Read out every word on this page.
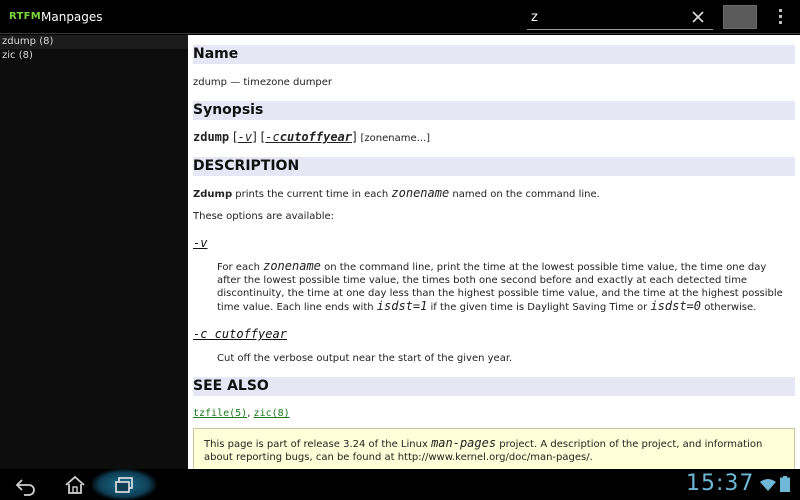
RTFM Manpages
z
zdump (8)
zic (8)	Name
zdump — timezone dumper
Synopsis
zdump [-v] [-ccutoffyear] [zonename...]
DESCRIPTION
Zdump prints the current time in each zonename named on the command line.
These options are available:
-v
For each zonename on the command line, print the time at the lowest possible time value, the time one day after the lowest possible time value, the times both one second before and exactly at each detected time discontinuity, the time at one day less than the highest possible time value, and the time at the highest possible time value. Each line ends with isdst=1 if the given time is Daylight Saving Time or isdst=0 otherwise.
-c cutoffyear
Cut off the verbose output near the start of the given year.
SEE ALSO
tzfile(5), zic(8)
This page is part of release 3.24 of the Linux man-pages project. A description of the project, and information about reporting bugs, can be found at http://www.kernel.org/doc/man-pages/.
15:37
